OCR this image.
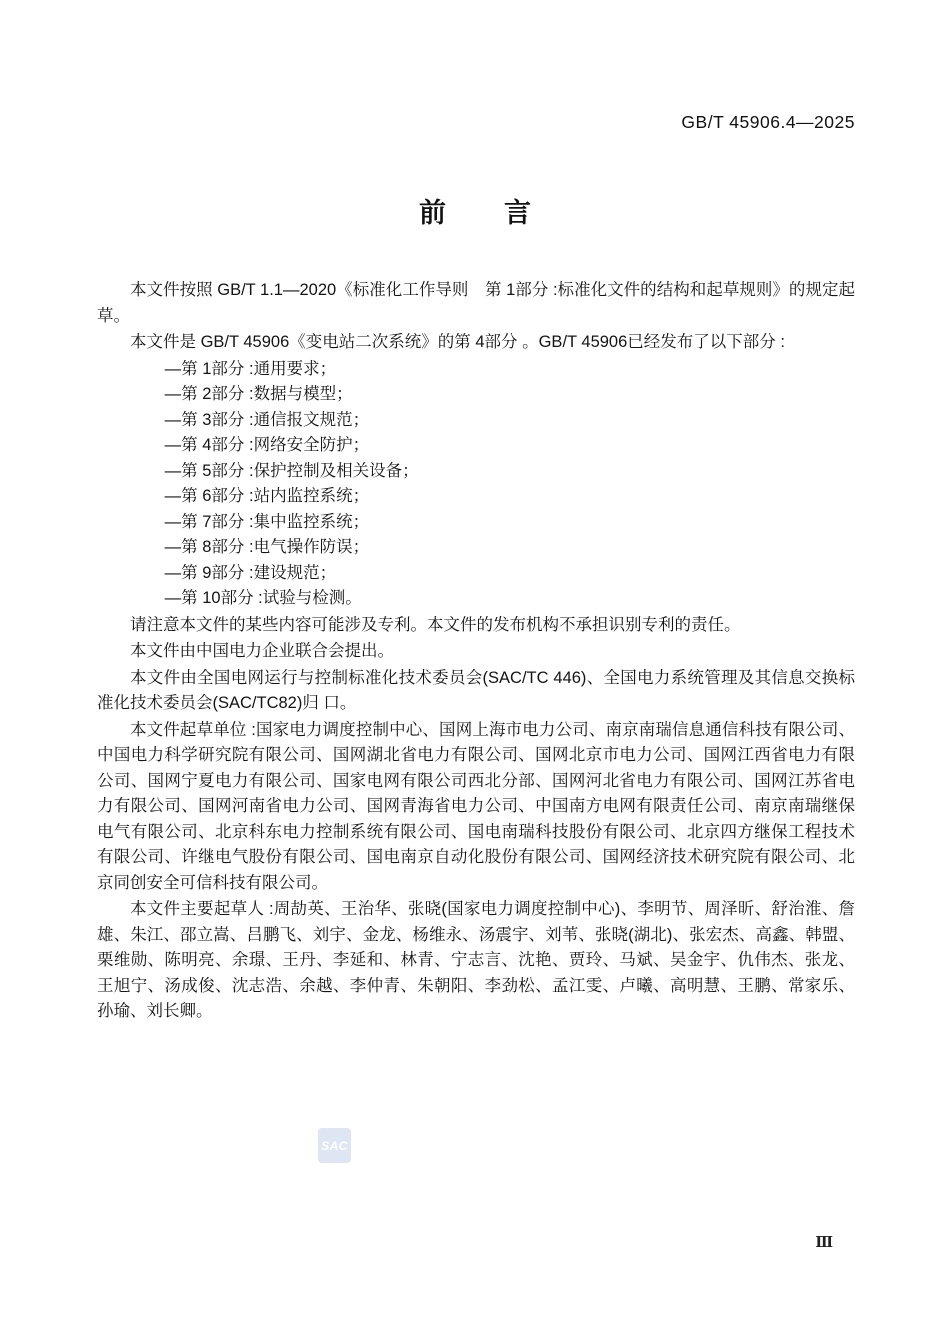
GB/T 45906.4—2025
前 言

本文件按照 GB/T 1.1—2020《标准化工作导则　第 1部分 :标准化文件的结构和起草规则》的规定起草。

本文件是 GB/T 45906《变电站二次系统》的第 4部分 。GB/T 45906已经发布了以下部分 :

—第 1部分 :通用要求；
—第 2部分 :数据与模型；
—第 3部分 :通信报文规范；
—第 4部分 :网络安全防护；
—第 5部分 :保护控制及相关设备；
—第 6部分 :站内监控系统；
—第 7部分 :集中监控系统；
—第 8部分 :电气操作防误；
—第 9部分 :建设规范；
—第 10部分 :试验与检测。

请注意本文件的某些内容可能涉及专利。本文件的发布机构不承担识别专利的责任。

本文件由中国电力企业联合会提出。

本文件由全国电网运行与控制标准化技术委员会(SAC/TC 446)、全国电力系统管理及其信息交换标准化技术委员会(SAC/TC82)归 口。

本文件起草单位 :国家电力调度控制中心、国网上海市电力公司、南京南瑞信息通信科技有限公司、中国电力科学研究院有限公司、国网湖北省电力有限公司、国网北京市电力公司、国网江西省电力有限公司、国网宁夏电力有限公司、国家电网有限公司西北分部、国网河北省电力有限公司、国网江苏省电力有限公司、国网河南省电力公司、国网青海省电力公司、中国南方电网有限责任公司、南京南瑞继保电气有限公司、北京科东电力控制系统有限公司、国电南瑞科技股份有限公司、北京四方继保工程技术有限公司、许继电气股份有限公司、国电南京自动化股份有限公司、国网经济技术研究院有限公司、北京同创安全可信科技有限公司。

本文件主要起草人 :周劼英、王治华、张晓(国家电力调度控制中心)、李明节、周泽昕、舒治淮、詹雄、朱江、邵立嵩、吕鹏飞、刘宇、金龙、杨维永、汤震宇、刘苇、张晓(湖北)、张宏杰、高鑫、韩盟、栗维勋、陈明亮、余璟、王丹、李延和、林青、宁志言、沈艳、贾玲、马斌、吴金宇、仇伟杰、张龙、王旭宁、汤成俊、沈志浩、余越、李仲青、朱朝阳、李劲松、孟江雯、卢曦、高明慧、王鹏、常家乐、孙瑜、刘长卿。

SAC
Ⅲ
